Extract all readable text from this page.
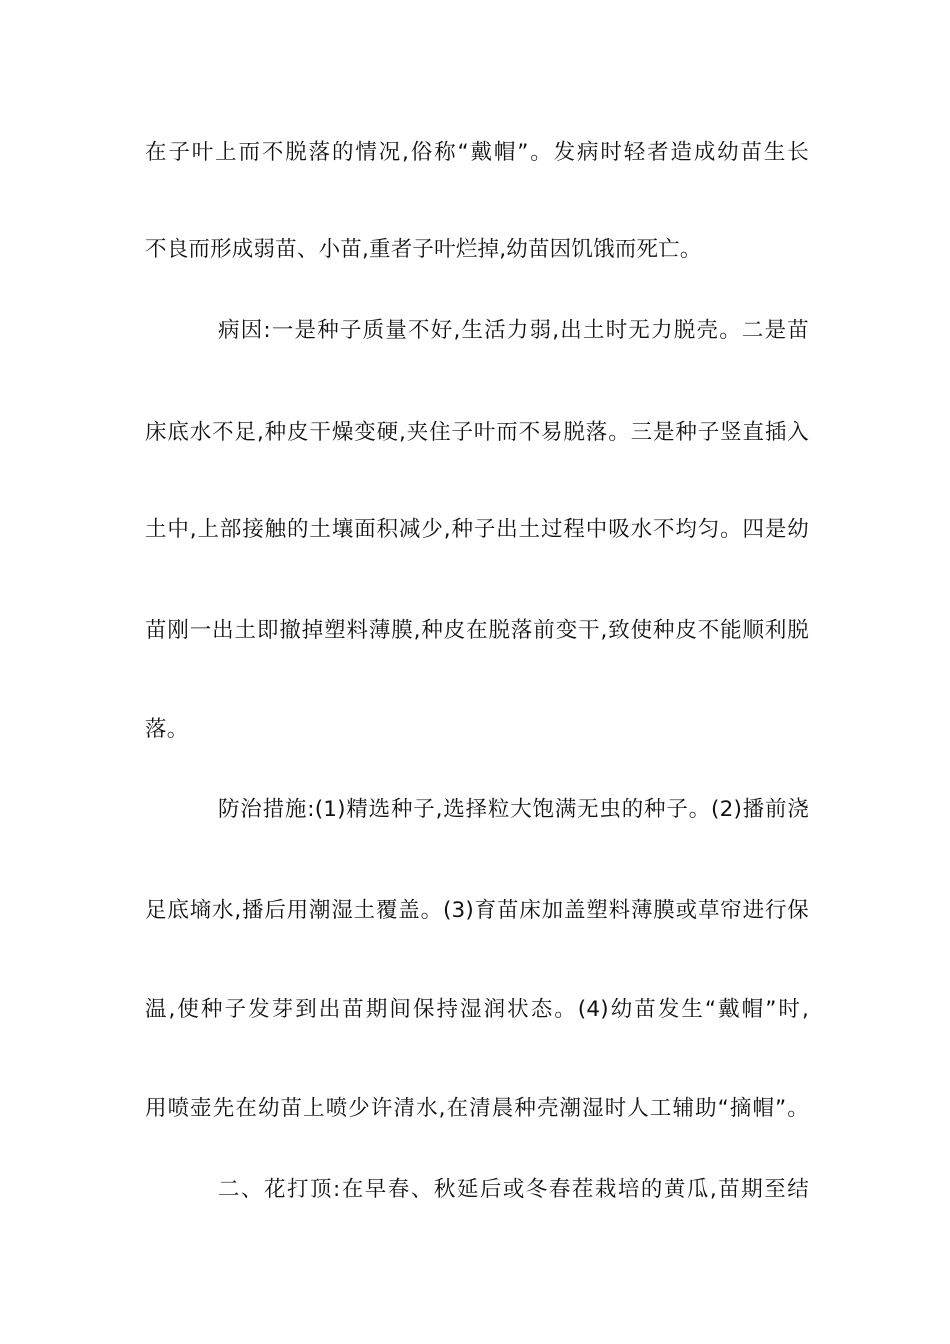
在子叶上而不脱落的情况,俗称“戴帽”。发病时轻者造成幼苗生长
不良而形成弱苗、小苗,重者子叶烂掉,幼苗因饥饿而死亡。
病因:一是种子质量不好,生活力弱,出土时无力脱壳。二是苗
床底水不足,种皮干燥变硬,夹住子叶而不易脱落。三是种子竖直插入
土中,上部接触的土壤面积减少,种子出土过程中吸水不均匀。四是幼
苗刚一出土即撤掉塑料薄膜,种皮在脱落前变干,致使种皮不能顺利脱
落。
防治措施:(1)精选种子,选择粒大饱满无虫的种子。(2)播前浇
足底墒水,播后用潮湿土覆盖。(3)育苗床加盖塑料薄膜或草帘进行保
温,使种子发芽到出苗期间保持湿润状态。(4)幼苗发生“戴帽”时,
用喷壶先在幼苗上喷少许清水,在清晨种壳潮湿时人工辅助“摘帽”。
二、花打顶:在早春、秋延后或冬春茬栽培的黄瓜,苗期至结
